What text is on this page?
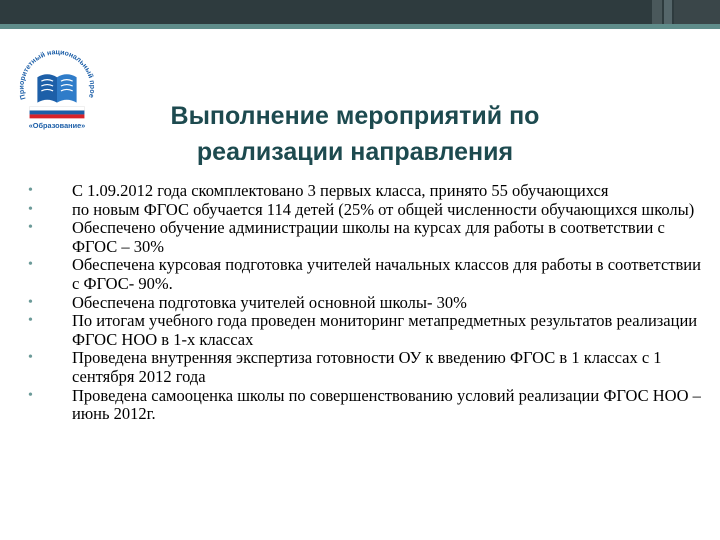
Приоритетный национальный прое
«Образование»	Выполнение мероприятий по
реализации направления
• С 1.09.2012 года скомплектовано 3 первых класса, принято 55 обучающихся
• по новым ФГОС обучается 114 детей (25% от общей численности обучающихся школы)
• Обеспечено обучение администрации школы на курсах для работы в соответствии с ФГОС – 30%
• Обеспечена курсовая подготовка учителей начальных классов для работы в соответствии с ФГОС- 90%.
• Обеспечена подготовка учителей основной школы- 30%
• По итогам учебного года проведен мониторинг метапредметных результатов реализации ФГОС НОО в 1-х классах
• Проведена внутренняя экспертиза готовности ОУ к введению ФГОС в 1 классах с 1 сентября 2012 года
• Проведена самооценка школы по совершенствованию условий реализации ФГОС НОО – июнь 2012г.
